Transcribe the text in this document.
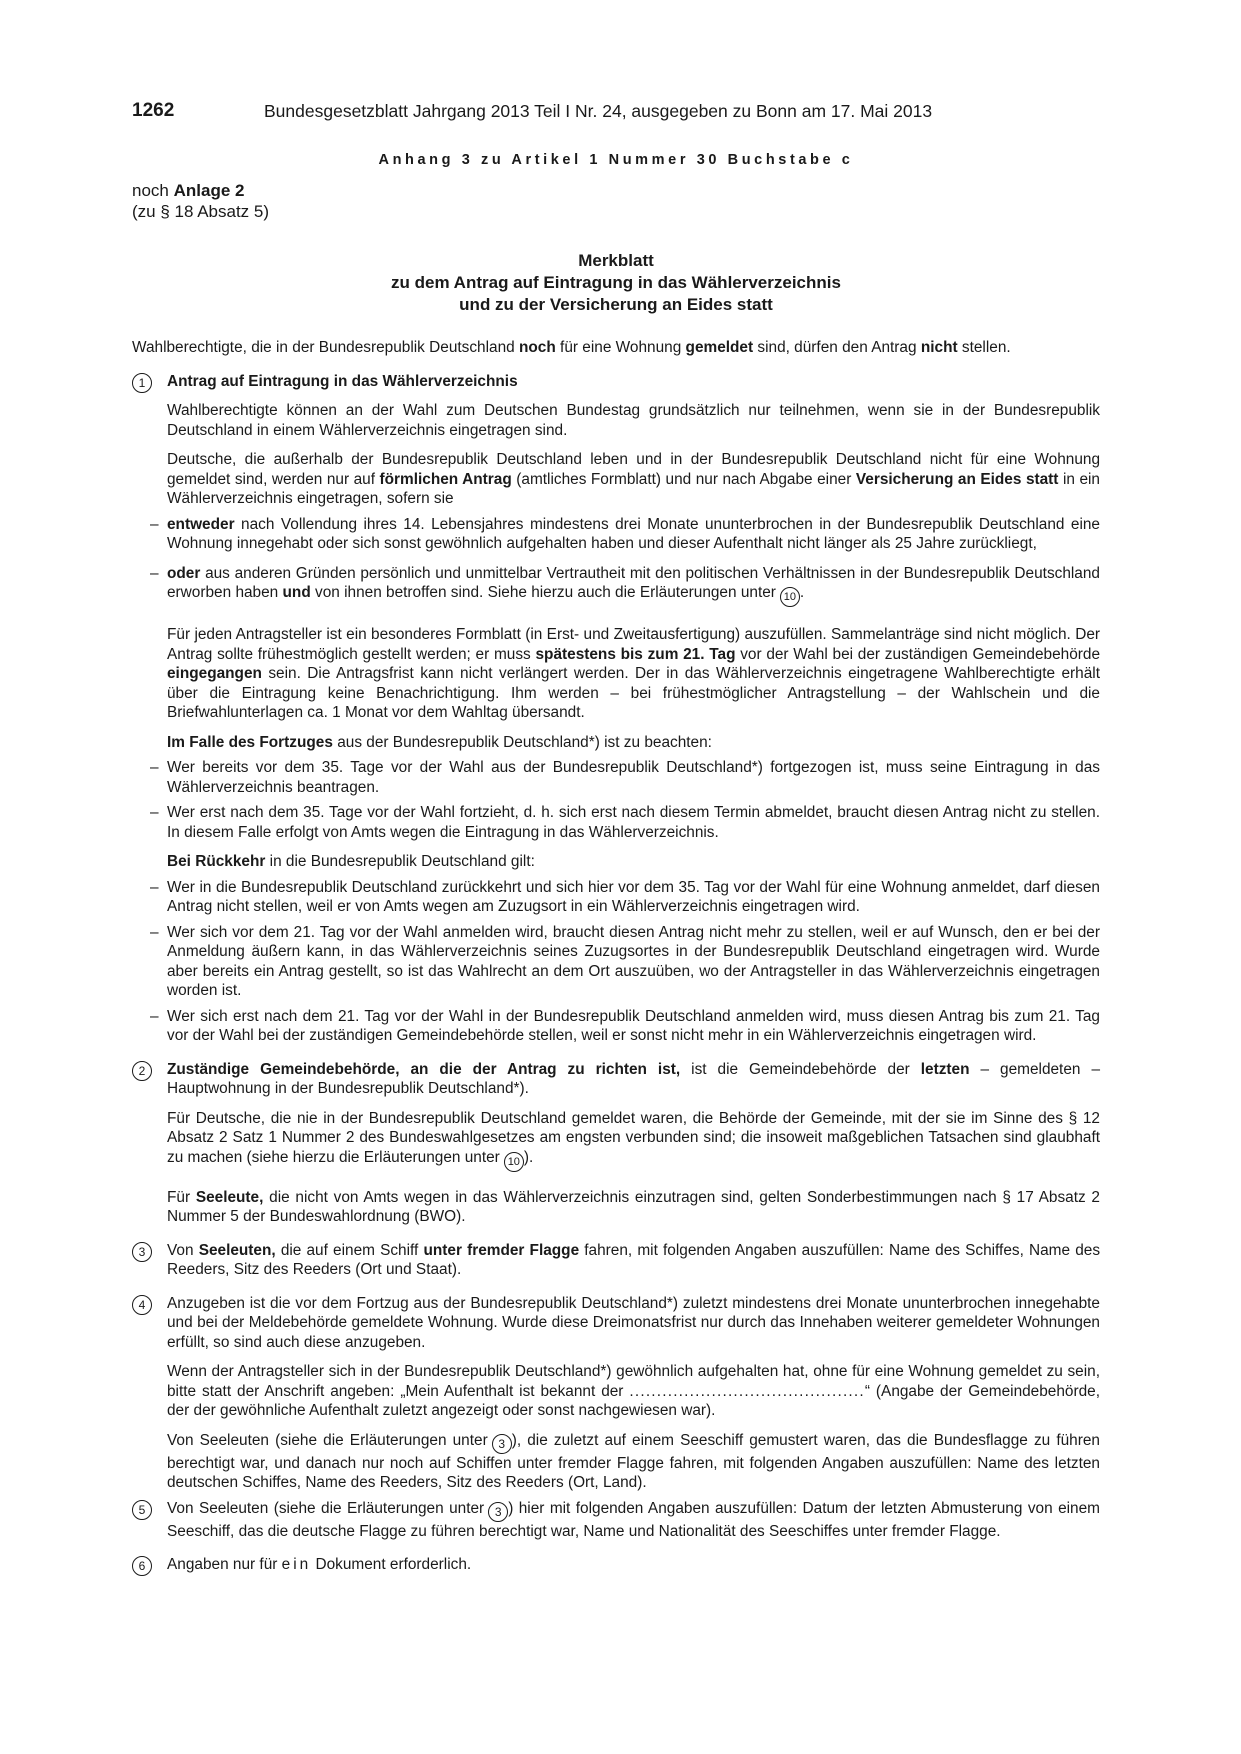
1262	Bundesgesetzblatt Jahrgang 2013 Teil I Nr. 24, ausgegeben zu Bonn am 17. Mai 2013
Anhang 3 zu Artikel 1 Nummer 30 Buchstabe c
noch Anlage 2
(zu § 18 Absatz 5)
Merkblatt
zu dem Antrag auf Eintragung in das Wählerverzeichnis
und zu der Versicherung an Eides statt

Wahlberechtigte, die in der Bundesrepublik Deutschland noch für eine Wohnung gemeldet sind, dürfen den Antrag nicht stellen.

1	Antrag auf Eintragung in das Wählerverzeichnis

Wahlberechtigte können an der Wahl zum Deutschen Bundestag grundsätzlich nur teilnehmen, wenn sie in der Bundesrepublik Deutschland in einem Wählerverzeichnis eingetragen sind.

Deutsche, die außerhalb der Bundesrepublik Deutschland leben und in der Bundesrepublik Deutschland nicht für eine Wohnung gemeldet sind, werden nur auf förmlichen Antrag (amtliches Formblatt) und nur nach Abgabe einer Versicherung an Eides statt in ein Wählerverzeichnis eingetragen, sofern sie

– entweder nach Vollendung ihres 14. Lebensjahres mindestens drei Monate ununterbrochen in der Bundesrepublik Deutschland eine Wohnung innegehabt oder sich sonst gewöhnlich aufgehalten haben und dieser Aufenthalt nicht länger als 25 Jahre zurückliegt,

– oder aus anderen Gründen persönlich und unmittelbar Vertrautheit mit den politischen Verhältnissen in der Bundesrepublik Deutschland erworben haben und von ihnen betroffen sind. Siehe hierzu auch die Erläuterungen unter 10 .

Für jeden Antragsteller ist ein besonderes Formblatt (in Erst- und Zweitausfertigung) auszufüllen. Sammelanträge sind nicht möglich. Der Antrag sollte frühestmöglich gestellt werden; er muss spätestens bis zum 21. Tag vor der Wahl bei der zuständigen Gemeindebehörde eingegangen sein. Die Antragsfrist kann nicht verlängert werden. Der in das Wählerverzeichnis eingetragene Wahlberechtigte erhält über die Eintragung keine Benachrichtigung. Ihm werden – bei frühestmöglicher Antragstellung – der Wahlschein und die Briefwahlunterlagen ca. 1 Monat vor dem Wahltag übersandt.

Im Falle des Fortzuges aus der Bundesrepublik Deutschland*) ist zu beachten:

– Wer bereits vor dem 35. Tage vor der Wahl aus der Bundesrepublik Deutschland*) fortgezogen ist, muss seine Eintragung in das Wählerverzeichnis beantragen.

– Wer erst nach dem 35. Tage vor der Wahl fortzieht, d. h. sich erst nach diesem Termin abmeldet, braucht diesen Antrag nicht zu stellen. In diesem Falle erfolgt von Amts wegen die Eintragung in das Wählerverzeichnis.

Bei Rückkehr in die Bundesrepublik Deutschland gilt:

– Wer in die Bundesrepublik Deutschland zurückkehrt und sich hier vor dem 35. Tag vor der Wahl für eine Wohnung anmeldet, darf diesen Antrag nicht stellen, weil er von Amts wegen am Zuzugsort in ein Wählerverzeichnis eingetragen wird.

– Wer sich vor dem 21. Tag vor der Wahl anmelden wird, braucht diesen Antrag nicht mehr zu stellen, weil er auf Wunsch, den er bei der Anmeldung äußern kann, in das Wählerverzeichnis seines Zuzugsortes in der Bundesrepublik Deutschland eingetragen wird. Wurde aber bereits ein Antrag gestellt, so ist das Wahlrecht an dem Ort auszuüben, wo der Antragsteller in das Wählerverzeichnis eingetragen worden ist.

– Wer sich erst nach dem 21. Tag vor der Wahl in der Bundesrepublik Deutschland anmelden wird, muss diesen Antrag bis zum 21. Tag vor der Wahl bei der zuständigen Gemeindebehörde stellen, weil er sonst nicht mehr in ein Wählerverzeichnis eingetragen wird.

2	Zuständige Gemeindebehörde, an die der Antrag zu richten ist, ist die Gemeindebehörde der letzten – gemeldeten – Hauptwohnung in der Bundesrepublik Deutschland*).

Für Deutsche, die nie in der Bundesrepublik Deutschland gemeldet waren, die Behörde der Gemeinde, mit der sie im Sinne des § 12 Absatz 2 Satz 1 Nummer 2 des Bundeswahlgesetzes am engsten verbunden sind; die insoweit maßgeblichen Tatsachen sind glaubhaft zu machen (siehe hierzu die Erläuterungen unter 10 ).

Für Seeleute, die nicht von Amts wegen in das Wählerverzeichnis einzutragen sind, gelten Sonderbestimmungen nach § 17 Absatz 2 Nummer 5 der Bundeswahlordnung (BWO).

3	Von Seeleuten, die auf einem Schiff unter fremder Flagge fahren, mit folgenden Angaben auszufüllen: Name des Schiffes, Name des Reeders, Sitz des Reeders (Ort und Staat).

4	Anzugeben ist die vor dem Fortzug aus der Bundesrepublik Deutschland*) zuletzt mindestens drei Monate ununterbrochen innegehabte und bei der Meldebehörde gemeldete Wohnung. Wurde diese Dreimonatsfrist nur durch das Innehaben weiterer gemeldeter Wohnungen erfüllt, so sind auch diese anzugeben.

Wenn der Antragsteller sich in der Bundesrepublik Deutschland*) gewöhnlich aufgehalten hat, ohne für eine Wohnung gemeldet zu sein, bitte statt der Anschrift angeben: „Mein Aufenthalt ist bekannt der ...........................................“ (Angabe der Gemeindebehörde, der der gewöhnliche Aufenthalt zuletzt angezeigt oder sonst nachgewiesen war).

Von Seeleuten (siehe die Erläuterungen unter 3 ), die zuletzt auf einem Seeschiff gemustert waren, das die Bundesflagge zu führen berechtigt war, und danach nur noch auf Schiffen unter fremder Flagge fahren, mit folgenden Angaben auszufüllen: Name des letzten deutschen Schiffes, Name des Reeders, Sitz des Reeders (Ort, Land).

5	Von Seeleuten (siehe die Erläuterungen unter 3 ) hier mit folgenden Angaben auszufüllen: Datum der letzten Abmusterung von einem Seeschiff, das die deutsche Flagge zu führen berechtigt war, Name und Nationalität des Seeschiffes unter fremder Flagge.

6	Angaben nur für ein Dokument erforderlich.
